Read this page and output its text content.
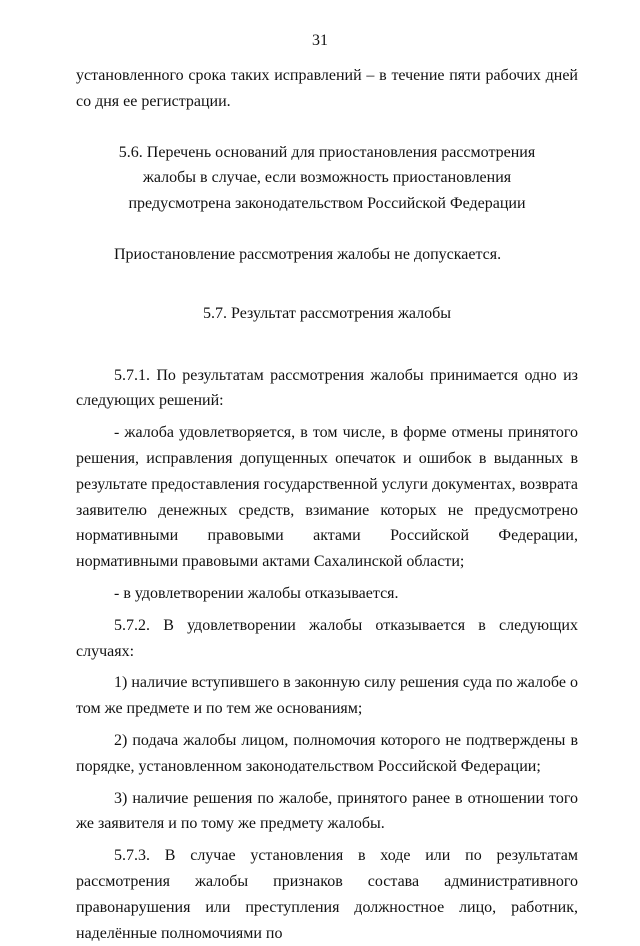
31

установленного срока таких исправлений – в течение пяти рабочих дней со дня ее регистрации.

5.6. Перечень оснований для приостановления рассмотрения жалобы в случае, если возможность приостановления предусмотрена законодательством Российской Федерации

Приостановление рассмотрения жалобы не допускается.

5.7. Результат рассмотрения жалобы

5.7.1. По результатам рассмотрения жалобы принимается одно из следующих решений:

- жалоба удовлетворяется, в том числе, в форме отмены принятого решения, исправления допущенных опечаток и ошибок в выданных в результате предоставления государственной услуги документах, возврата заявителю денежных средств, взимание которых не предусмотрено нормативными правовыми актами Российской Федерации, нормативными правовыми актами Сахалинской области;

- в удовлетворении жалобы отказывается.

5.7.2. В удовлетворении жалобы отказывается в следующих случаях:

1) наличие вступившего в законную силу решения суда по жалобе о том же предмете и по тем же основаниям;

2) подача жалобы лицом, полномочия которого не подтверждены в порядке, установленном законодательством Российской Федерации;

3) наличие решения по жалобе, принятого ранее в отношении того же заявителя и по тому же предмету жалобы.

5.7.3. В случае установления в ходе или по результатам рассмотрения жалобы признаков состава административного правонарушения или преступления должностное лицо, работник, наделённые полномочиями по
